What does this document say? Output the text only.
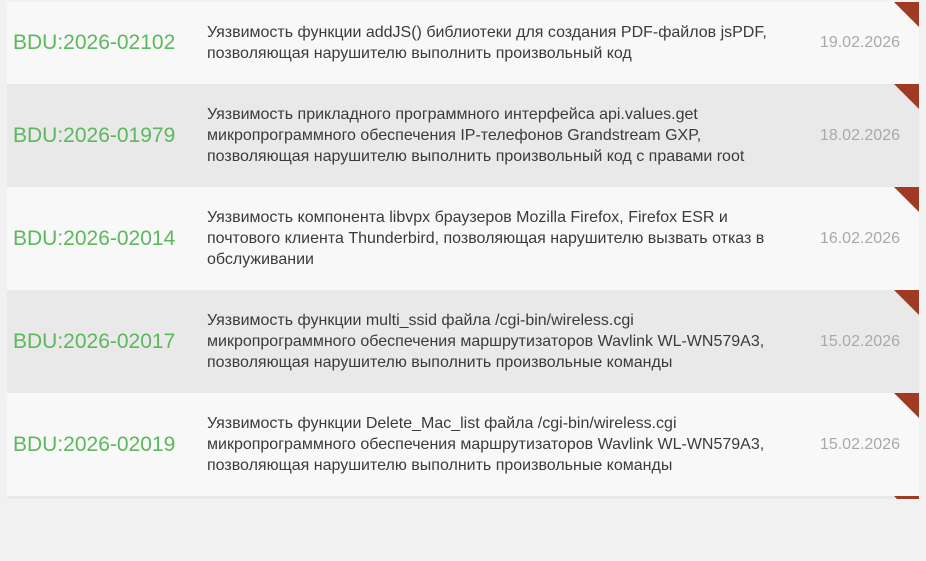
BDU:2026-02102	Уязвимость функции addJS() библиотеки для создания PDF-файлов jsPDF, позволяющая нарушителю выполнить произвольный код

19.02.2026
BDU:2026-01979

Уязвимость прикладного программного интерфейса api.values.get микропрограммного обеспечения IP-телефонов Grandstream GXP, позволяющая нарушителю выполнить произвольный код с правами root

18.02.2026
BDU:2026-02014

Уязвимость компонента libvpx браузеров Mozilla Firefox, Firefox ESR и почтового клиента Thunderbird, позволяющая нарушителю вызвать отказ в обслуживании

16.02.2026
BDU:2026-02017

Уязвимость функции multi_ssid файла /cgi-bin/wireless.cgi микропрограммного обеспечения маршрутизаторов Wavlink WL-WN579A3, позволяющая нарушителю выполнить произвольные команды

15.02.2026
BDU:2026-02019

Уязвимость функции Delete_Mac_list файла /cgi-bin/wireless.cgi микропрограммного обеспечения маршрутизаторов Wavlink WL-WN579A3, позволяющая нарушителю выполнить произвольные команды

15.02.2026
